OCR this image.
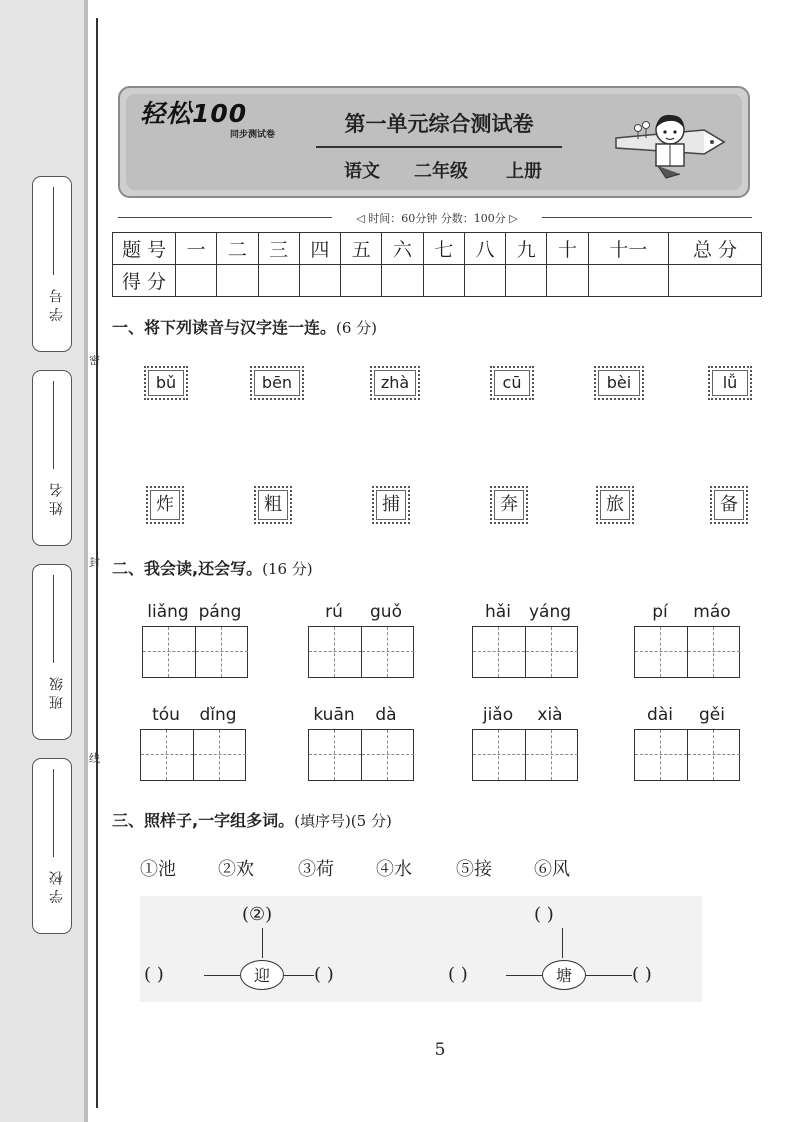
学 号
姓 名
班 级
学 校
密
封
线
轻松100
同步测试卷	第一单元综合测试卷
语文 二年级 上册
◁ 时间：60分钟 分数：100分 ▷
题 号	一	二	三	四	五	六	七	八	九	十	十一	总 分
得 分												
一、将下列读音与汉字连一连。(6 分)
bǔ	bēn	zhà	cū	bèi	lǚ
炸	粗	捕	奔	旅	备
二、我会读,还会写。(16 分)
liǎng páng	rú	guǒ	hǎi	yáng	pí	máo
tóu	dǐng	kuān	dà	jiǎo	xià	dài	gěi
三、照样子,一字组多词。(填序号)(5 分)
①池 ②欢 ③荷 ④水 ⑤接 ⑥风
(②)
( )	迎	( )
( )
( )	塘	( )
5
